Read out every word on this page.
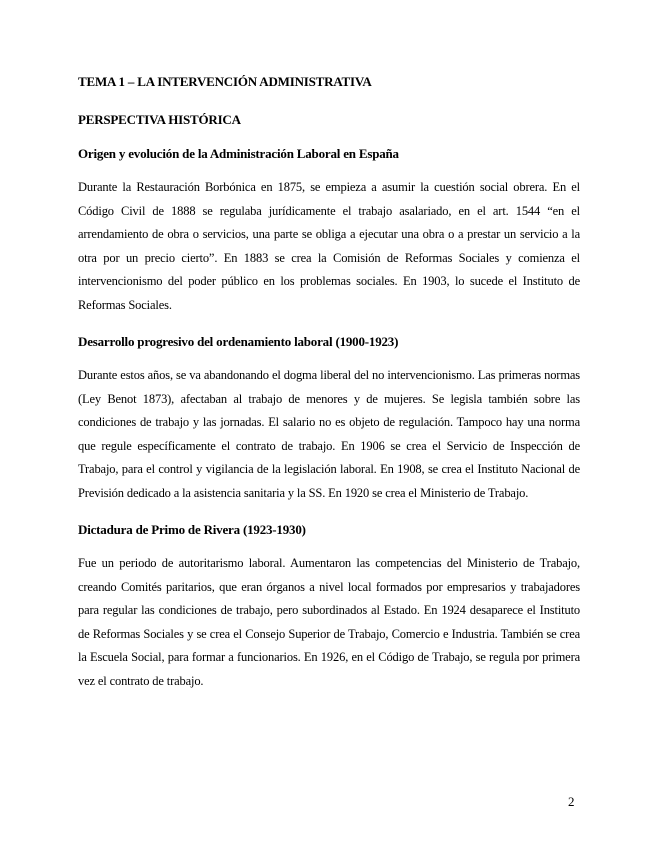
TEMA 1 – LA INTERVENCIÓN ADMINISTRATIVA

PERSPECTIVA HISTÓRICA

Origen y evolución de la Administración Laboral en España

Durante la Restauración Borbónica en 1875, se empieza a asumir la cuestión social obrera. En el Código Civil de 1888 se regulaba jurídicamente el trabajo asalariado, en el art. 1544 “en el arrendamiento de obra o servicios, una parte se obliga a ejecutar una obra o a prestar un servicio a la otra por un precio cierto”. En 1883 se crea la Comisión de Reformas Sociales y comienza el intervencionismo del poder público en los problemas sociales. En 1903, lo sucede el Instituto de Reformas Sociales.

Desarrollo progresivo del ordenamiento laboral (1900-1923)

Durante estos años, se va abandonando el dogma liberal del no intervencionismo. Las primeras normas (Ley Benot 1873), afectaban al trabajo de menores y de mujeres. Se legisla también sobre las condiciones de trabajo y las jornadas. El salario no es objeto de regulación. Tampoco hay una norma que regule específicamente el contrato de trabajo. En 1906 se crea el Servicio de Inspección de Trabajo, para el control y vigilancia de la legislación laboral. En 1908, se crea el Instituto Nacional de Previsión dedicado a la asistencia sanitaria y la SS. En 1920 se crea el Ministerio de Trabajo.

Dictadura de Primo de Rivera (1923-1930)

Fue un periodo de autoritarismo laboral. Aumentaron las competencias del Ministerio de Trabajo, creando Comités paritarios, que eran órganos a nivel local formados por empresarios y trabajadores para regular las condiciones de trabajo, pero subordinados al Estado. En 1924 desaparece el Instituto de Reformas Sociales y se crea el Consejo Superior de Trabajo, Comercio e Industria. También se crea la Escuela Social, para formar a funcionarios. En 1926, en el Código de Trabajo, se regula por primera vez el contrato de trabajo.

2
